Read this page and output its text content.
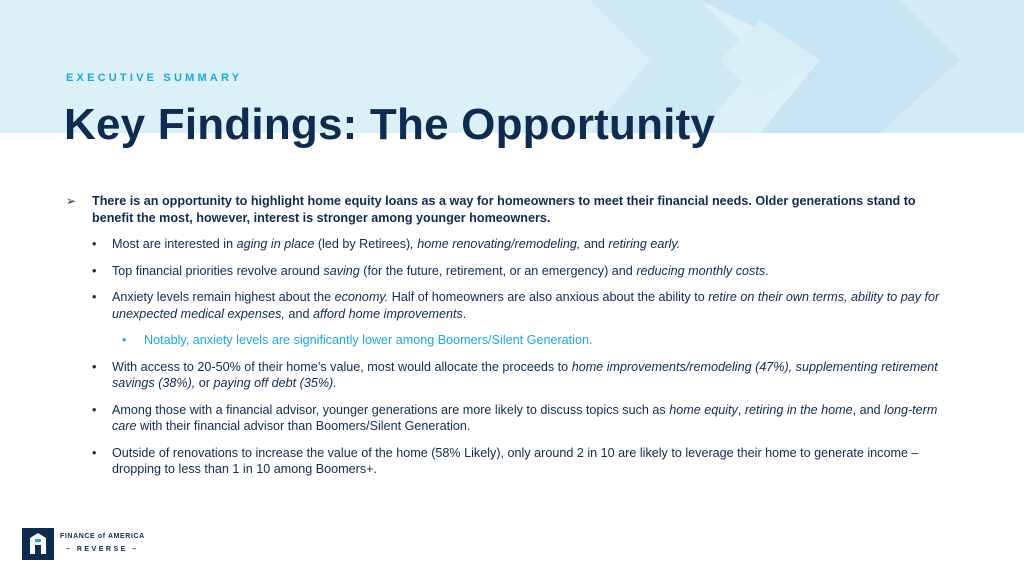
EXECUTIVE SUMMARY
Key Findings: The Opportunity
➢	There is an opportunity to highlight home equity loans as a way for homeowners to meet their financial needs. Older generations stand to benefit the most, however, interest is stronger among younger homeowners.
•	Most are interested in aging in place (led by Retirees), home renovating/remodeling, and retiring early.
•	Top financial priorities revolve around saving (for the future, retirement, or an emergency) and reducing monthly costs.
•	Anxiety levels remain highest about the economy. Half of homeowners are also anxious about the ability to retire on their own terms, ability to pay for unexpected medical expenses, and afford home improvements.
•	Notably, anxiety levels are significantly lower among Boomers/Silent Generation.
•	With access to 20-50% of their home’s value, most would allocate the proceeds to home improvements/remodeling (47%), supplementing retirement savings (38%), or paying off debt (35%).
•	Among those with a financial advisor, younger generations are more likely to discuss topics such as home equity, retiring in the home, and long-term care with their financial advisor than Boomers/Silent Generation.
•	Outside of renovations to increase the value of the home (58% Likely), only around 2 in 10 are likely to leverage their home to generate income – dropping to less than 1 in 10 among Boomers+.
FINANCE of AMERICA
– REVERSE –
